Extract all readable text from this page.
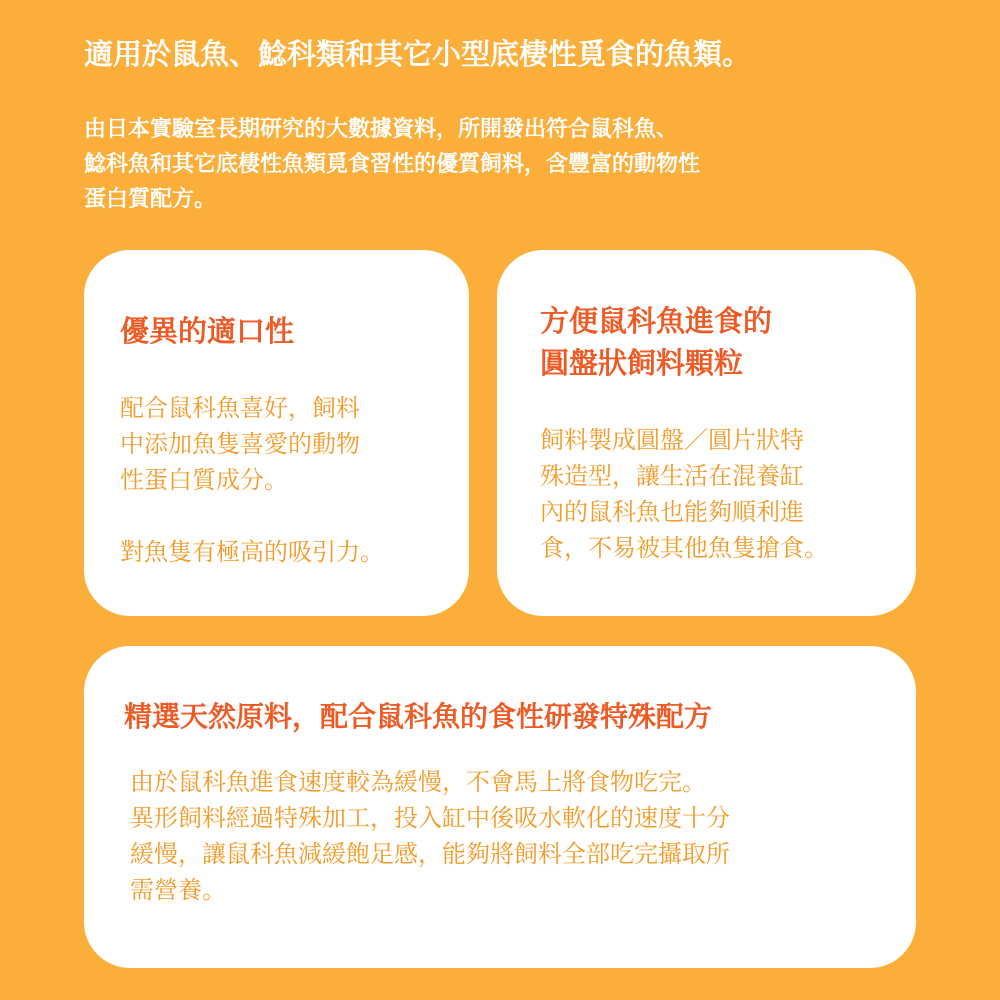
適用於鼠魚、鯰科類和其它小型底棲性覓食的魚類。

由日本實驗室長期研究的大數據資料，所開發出符合鼠科魚、
鯰科魚和其它底棲性魚類覓食習性的優質飼料，含豐富的動物性
蛋白質配方。

優異的適口性

配合鼠科魚喜好，飼料
中添加魚隻喜愛的動物
性蛋白質成分。
對魚隻有極高的吸引力。

方便鼠科魚進食的
圓盤狀飼料顆粒

飼料製成圓盤／圓片狀特
殊造型，讓生活在混養缸
內的鼠科魚也能夠順利進
食，不易被其他魚隻搶食。

精選天然原料，配合鼠科魚的食性研發特殊配方

由於鼠科魚進食速度較為緩慢，不會馬上將食物吃完。
異形飼料經過特殊加工，投入缸中後吸水軟化的速度十分
緩慢，讓鼠科魚減緩飽足感，能夠將飼料全部吃完攝取所
需營養。
